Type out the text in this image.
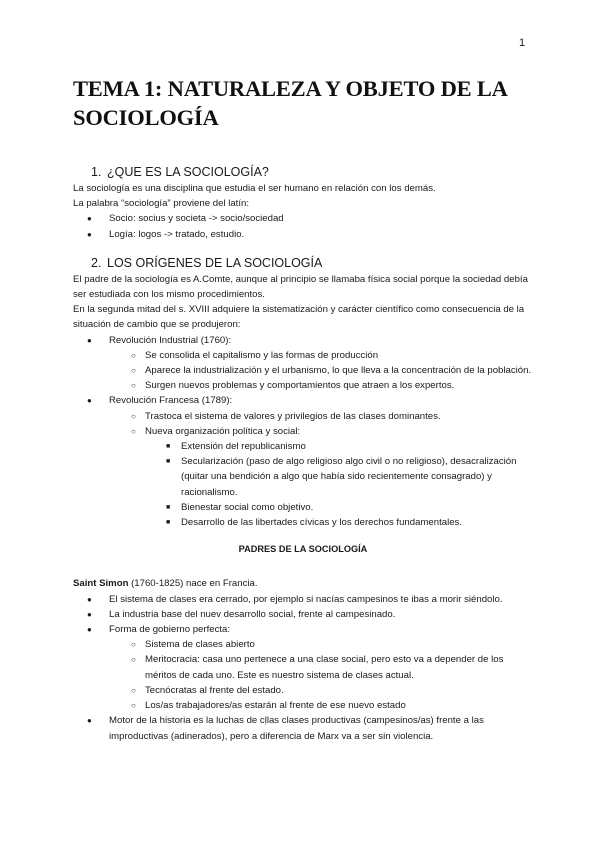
1
TEMA 1: NATURALEZA Y OBJETO DE LA SOCIOLOGÍA
1. ¿QUE ES LA SOCIOLOGÍA?

La sociología es una disciplina que estudia el ser humano en relación con los demás.

La palabra “sociología” proviene del latín:

● Socio: socius y societa -> socio/sociedad
● Logía: logos -> tratado, estudio.
2. LOS ORÍGENES DE LA SOCIOLOGÍA

El padre de la sociología es A.Comte, aunque al principio se llamaba física social porque la sociedad debía ser estudiada con los mismo procedimientos.

En la segunda mitad del s. XVIII adquiere la sistematización y carácter científico como consecuencia de la situación de cambio que se produjeron:

● Revolución Industrial (1760):
○ Se consolida el capitalismo y las formas de producción
○ Aparece la industrialización y el urbanismo, lo que lleva a la concentración de la población.
○ Surgen nuevos problemas y comportamientos que atraen a los expertos.
● Revolución Francesa (1789):
○ Trastoca el sistema de valores y privilegios de las clases dominantes.
○ Nueva organización política y social:
■ Extensión del republicanismo
■ Secularización (paso de algo religioso algo civil o no religioso), desacralización (quitar una bendición a algo que había sido recientemente consagrado) y racionalismo.
■ Bienestar social como objetivo.
■ Desarrollo de las libertades cívicas y los derechos fundamentales.

PADRES DE LA SOCIOLOGÍA

Saint Simon (1760-1825) nace en Francia.

● El sistema de clases era cerrado, por ejemplo si nacías campesinos te ibas a morir siéndolo.
● La industria base del nuev desarrollo social, frente al campesinado.
● Forma de gobierno perfecta:
○ Sistema de clases abierto
○ Meritocracia: casa uno pertenece a una clase social, pero esto va a depender de los méritos de cada uno. Este es nuestro sistema de clases actual.
○ Tecnócratas al frente del estado.
○ Los/as trabajadores/as estarán al frente de ese nuevo estado
● Motor de la historia es la luchas de cḷlas clases productivas (campesinos/as) frente a las improductivas (adinerados), pero a diferencia de Marx va a ser sin violencia.
